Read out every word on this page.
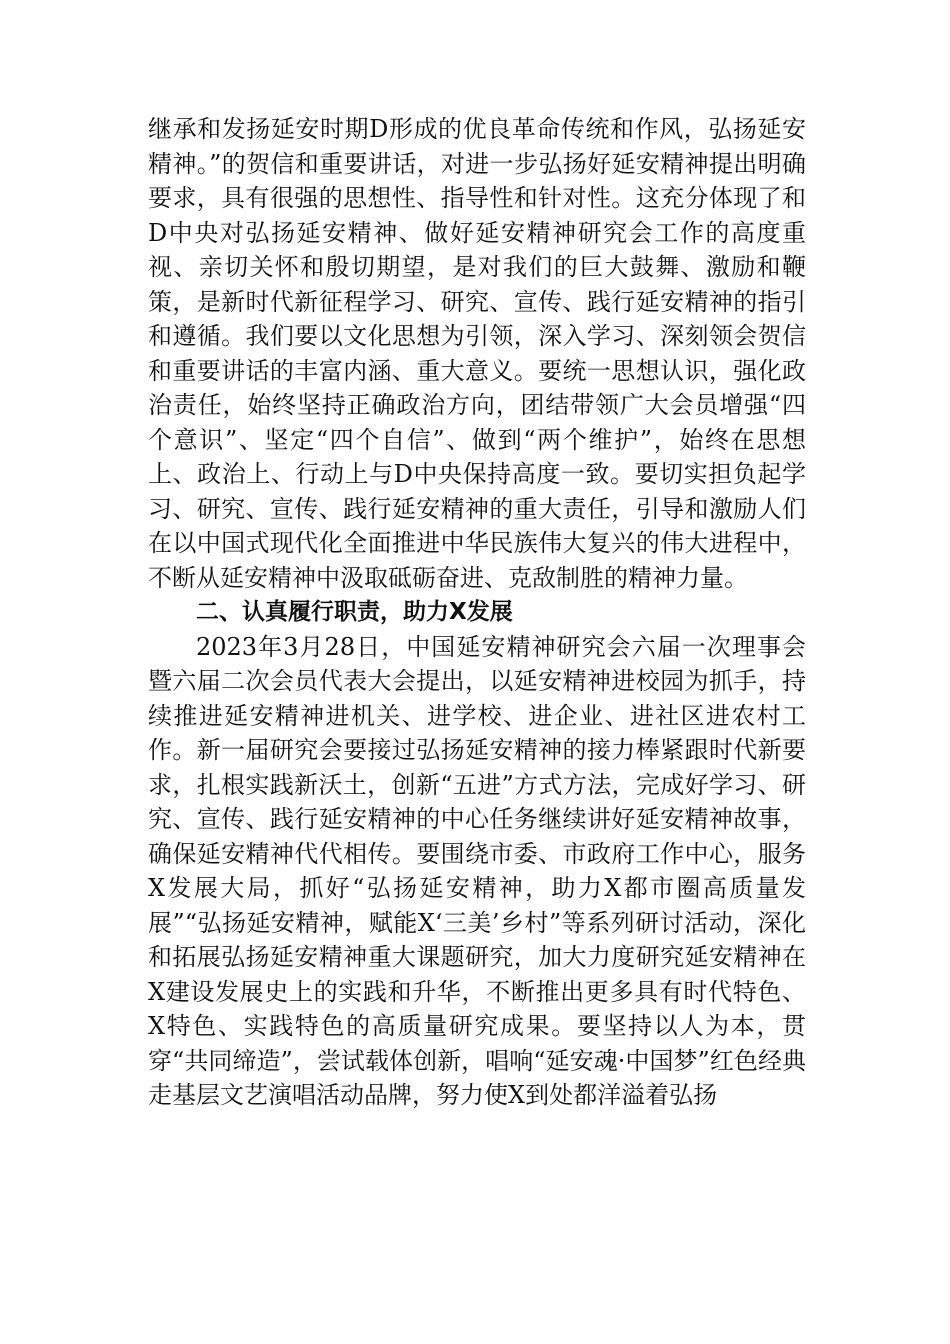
继承和发扬延安时期D形成的优良革命传统和作风，弘扬延安精神。”的贺信和重要讲话，对进一步弘扬好延安精神提出明确要求，具有很强的思想性、指导性和针对性。这充分体现了和D中央对弘扬延安精神、做好延安精神研究会工作的高度重视、亲切关怀和殷切期望，是对我们的巨大鼓舞、激励和鞭策，是新时代新征程学习、研究、宣传、践行延安精神的指引和遵循。我们要以文化思想为引领，深入学习、深刻领会贺信和重要讲话的丰富内涵、重大意义。要统一思想认识，强化政治责任，始终坚持正确政治方向，团结带领广大会员增强“四个意识”、坚定“四个自信”、做到“两个维护”，始终在思想上、政治上、行动上与D中央保持高度一致。要切实担负起学习、研究、宣传、践行延安精神的重大责任，引导和激励人们在以中国式现代化全面推进中华民族伟大复兴的伟大进程中，不断从延安精神中汲取砥砺奋进、克敌制胜的精神力量。

二、认真履行职责，助力X发展

2023年3月28日，中国延安精神研究会六届一次理事会暨六届二次会员代表大会提出，以延安精神进校园为抓手，持续推进延安精神进机关、进学校、进企业、进社区进农村工作。新一届研究会要接过弘扬延安精神的接力棒紧跟时代新要求，扎根实践新沃土，创新“五进”方式方法，完成好学习、研究、宣传、践行延安精神的中心任务继续讲好延安精神故事，确保延安精神代代相传。要围绕市委、市政府工作中心，服务X发展大局，抓好“弘扬延安精神，助力X都市圈高质量发展”“弘扬延安精神，赋能X‘三美’乡村”等系列研讨活动，深化和拓展弘扬延安精神重大课题研究，加大力度研究延安精神在X建设发展史上的实践和升华，不断推出更多具有时代特色、X特色、实践特色的高质量研究成果。要坚持以人为本，贯穿“共同缔造”，尝试载体创新，唱响“延安魂·中国梦”红色经典走基层文艺演唱活动品牌，努力使X到处都洋溢着弘扬
